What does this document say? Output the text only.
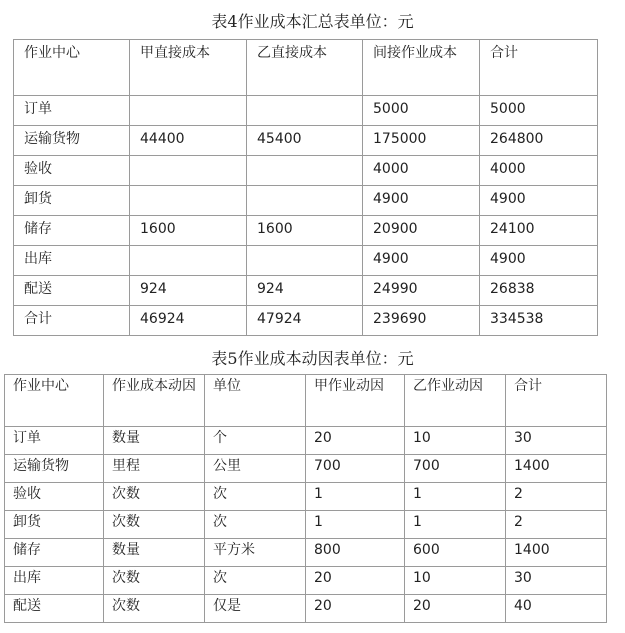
表4作业成本汇总表单位：元
作业中心	甲直接成本	乙直接成本	间接作业成本	合计
订单			5000	5000
运输货物	44400	45400	175000	264800
验收			4000	4000
卸货			4900	4900
储存	1600	1600	20900	24100
出库			4900	4900
配送	924	924	24990	26838
合计	46924	47924	239690	334538
表5作业成本动因表单位：元
作业中心	作业成本动因	单位	甲作业动因	乙作业动因	合计
订单	数量	个	20	10	30
运输货物	里程	公里	700	700	1400
验收	次数	次	1	1	2
卸货	次数	次	1	1	2
储存	数量	平方米	800	600	1400
出库	次数	次	20	10	30
配送	次数	仅是	20	20	40
